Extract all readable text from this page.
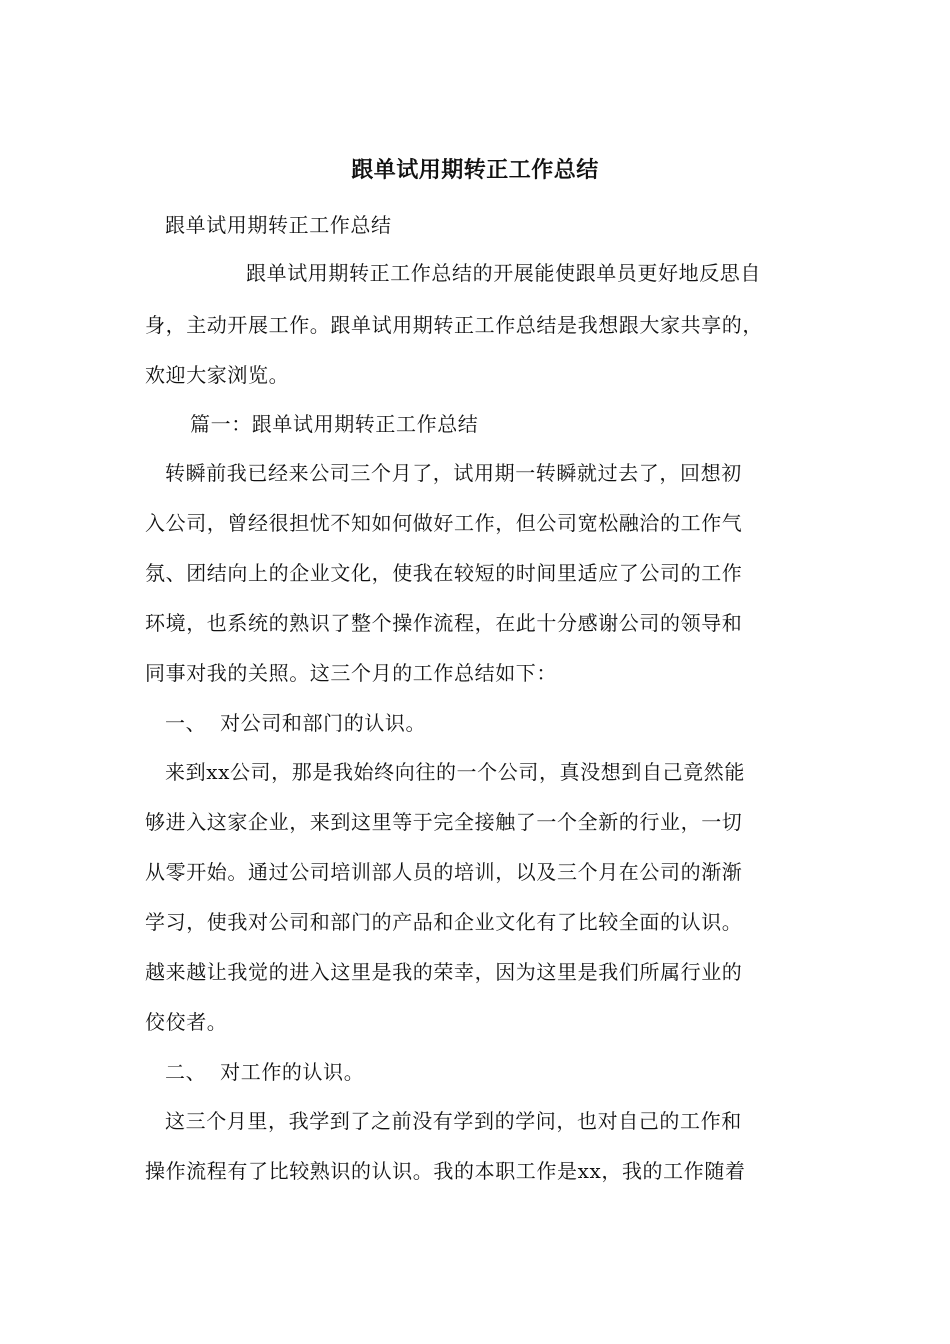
跟单试用期转正工作总结
跟单试用期转正工作总结
跟单试用期转正工作总结的开展能使跟单员更好地反思自
身，主动开展工作。跟单试用期转正工作总结是我想跟大家共享的，
欢迎大家浏览。
篇一：跟单试用期转正工作总结
转瞬前我已经来公司三个月了，试用期一转瞬就过去了，回想初
入公司，曾经很担忧不知如何做好工作，但公司宽松融洽的工作气
氛、团结向上的企业文化，使我在较短的时间里适应了公司的工作
环境，也系统的熟识了整个操作流程，在此十分感谢公司的领导和
同事对我的关照。这三个月的工作总结如下：
一、  对公司和部门的认识。
来到xx公司，那是我始终向往的一个公司，真没想到自己竟然能
够进入这家企业，来到这里等于完全接触了一个全新的行业，一切
从零开始。通过公司培训部人员的培训，以及三个月在公司的渐渐
学习，使我对公司和部门的产品和企业文化有了比较全面的认识。
越来越让我觉的进入这里是我的荣幸，因为这里是我们所属行业的
佼佼者。
二、  对工作的认识。
这三个月里，我学到了之前没有学到的学问，也对自己的工作和
操作流程有了比较熟识的认识。我的本职工作是xx，我的工作随着
